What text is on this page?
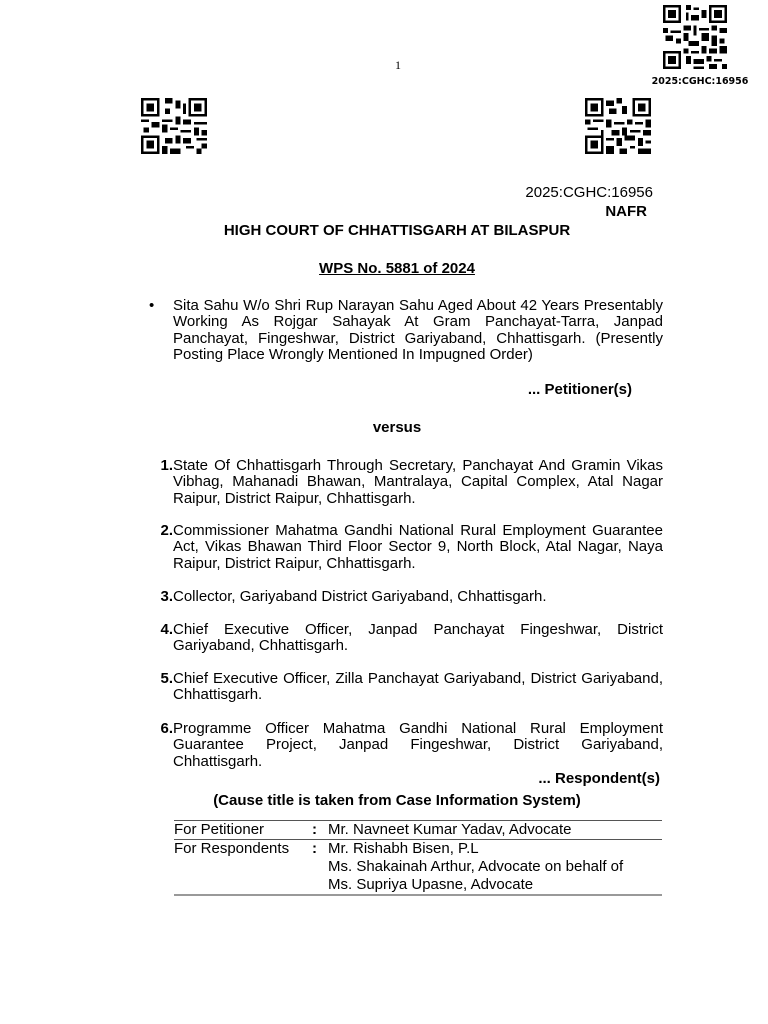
1
2025:CGHC:16956
2025:CGHC:16956
NAFR
HIGH COURT OF CHHATTISGARH AT BILASPUR
WPS No. 5881 of 2024
•	Sita Sahu W/o Shri Rup Narayan Sahu Aged About 42 Years Presentably Working As Rojgar Sahayak At Gram Panchayat-Tarra, Janpad Panchayat, Fingeshwar, District Gariyaband, Chhattisgarh. (Presently Posting Place Wrongly Mentioned In Impugned Order)
... Petitioner(s)
versus
1. State Of Chhattisgarh Through Secretary, Panchayat And Gramin Vikas Vibhag, Mahanadi Bhawan, Mantralaya, Capital Complex, Atal Nagar Raipur, District Raipur, Chhattisgarh.
2. Commissioner Mahatma Gandhi National Rural Employment Guarantee Act, Vikas Bhawan Third Floor Sector 9, North Block, Atal Nagar, Naya Raipur, District Raipur, Chhattisgarh.
3. Collector, Gariyaband District Gariyaband, Chhattisgarh.
4. Chief Executive Officer, Janpad Panchayat Fingeshwar, District Gariyaband, Chhattisgarh.
5. Chief Executive Officer, Zilla Panchayat Gariyaband, District Gariyaband, Chhattisgarh.
6. Programme Officer Mahatma Gandhi National Rural Employment Guarantee Project, Janpad Fingeshwar, District Gariyaband, Chhattisgarh.
... Respondent(s)
(Cause title is taken from Case Information System)
For Petitioner	: Mr. Navneet Kumar Yadav, Advocate
For Respondents	: Mr. Rishabh Bisen, P.L
Ms. Shakainah Arthur, Advocate on behalf of
Ms. Supriya Upasne, Advocate
